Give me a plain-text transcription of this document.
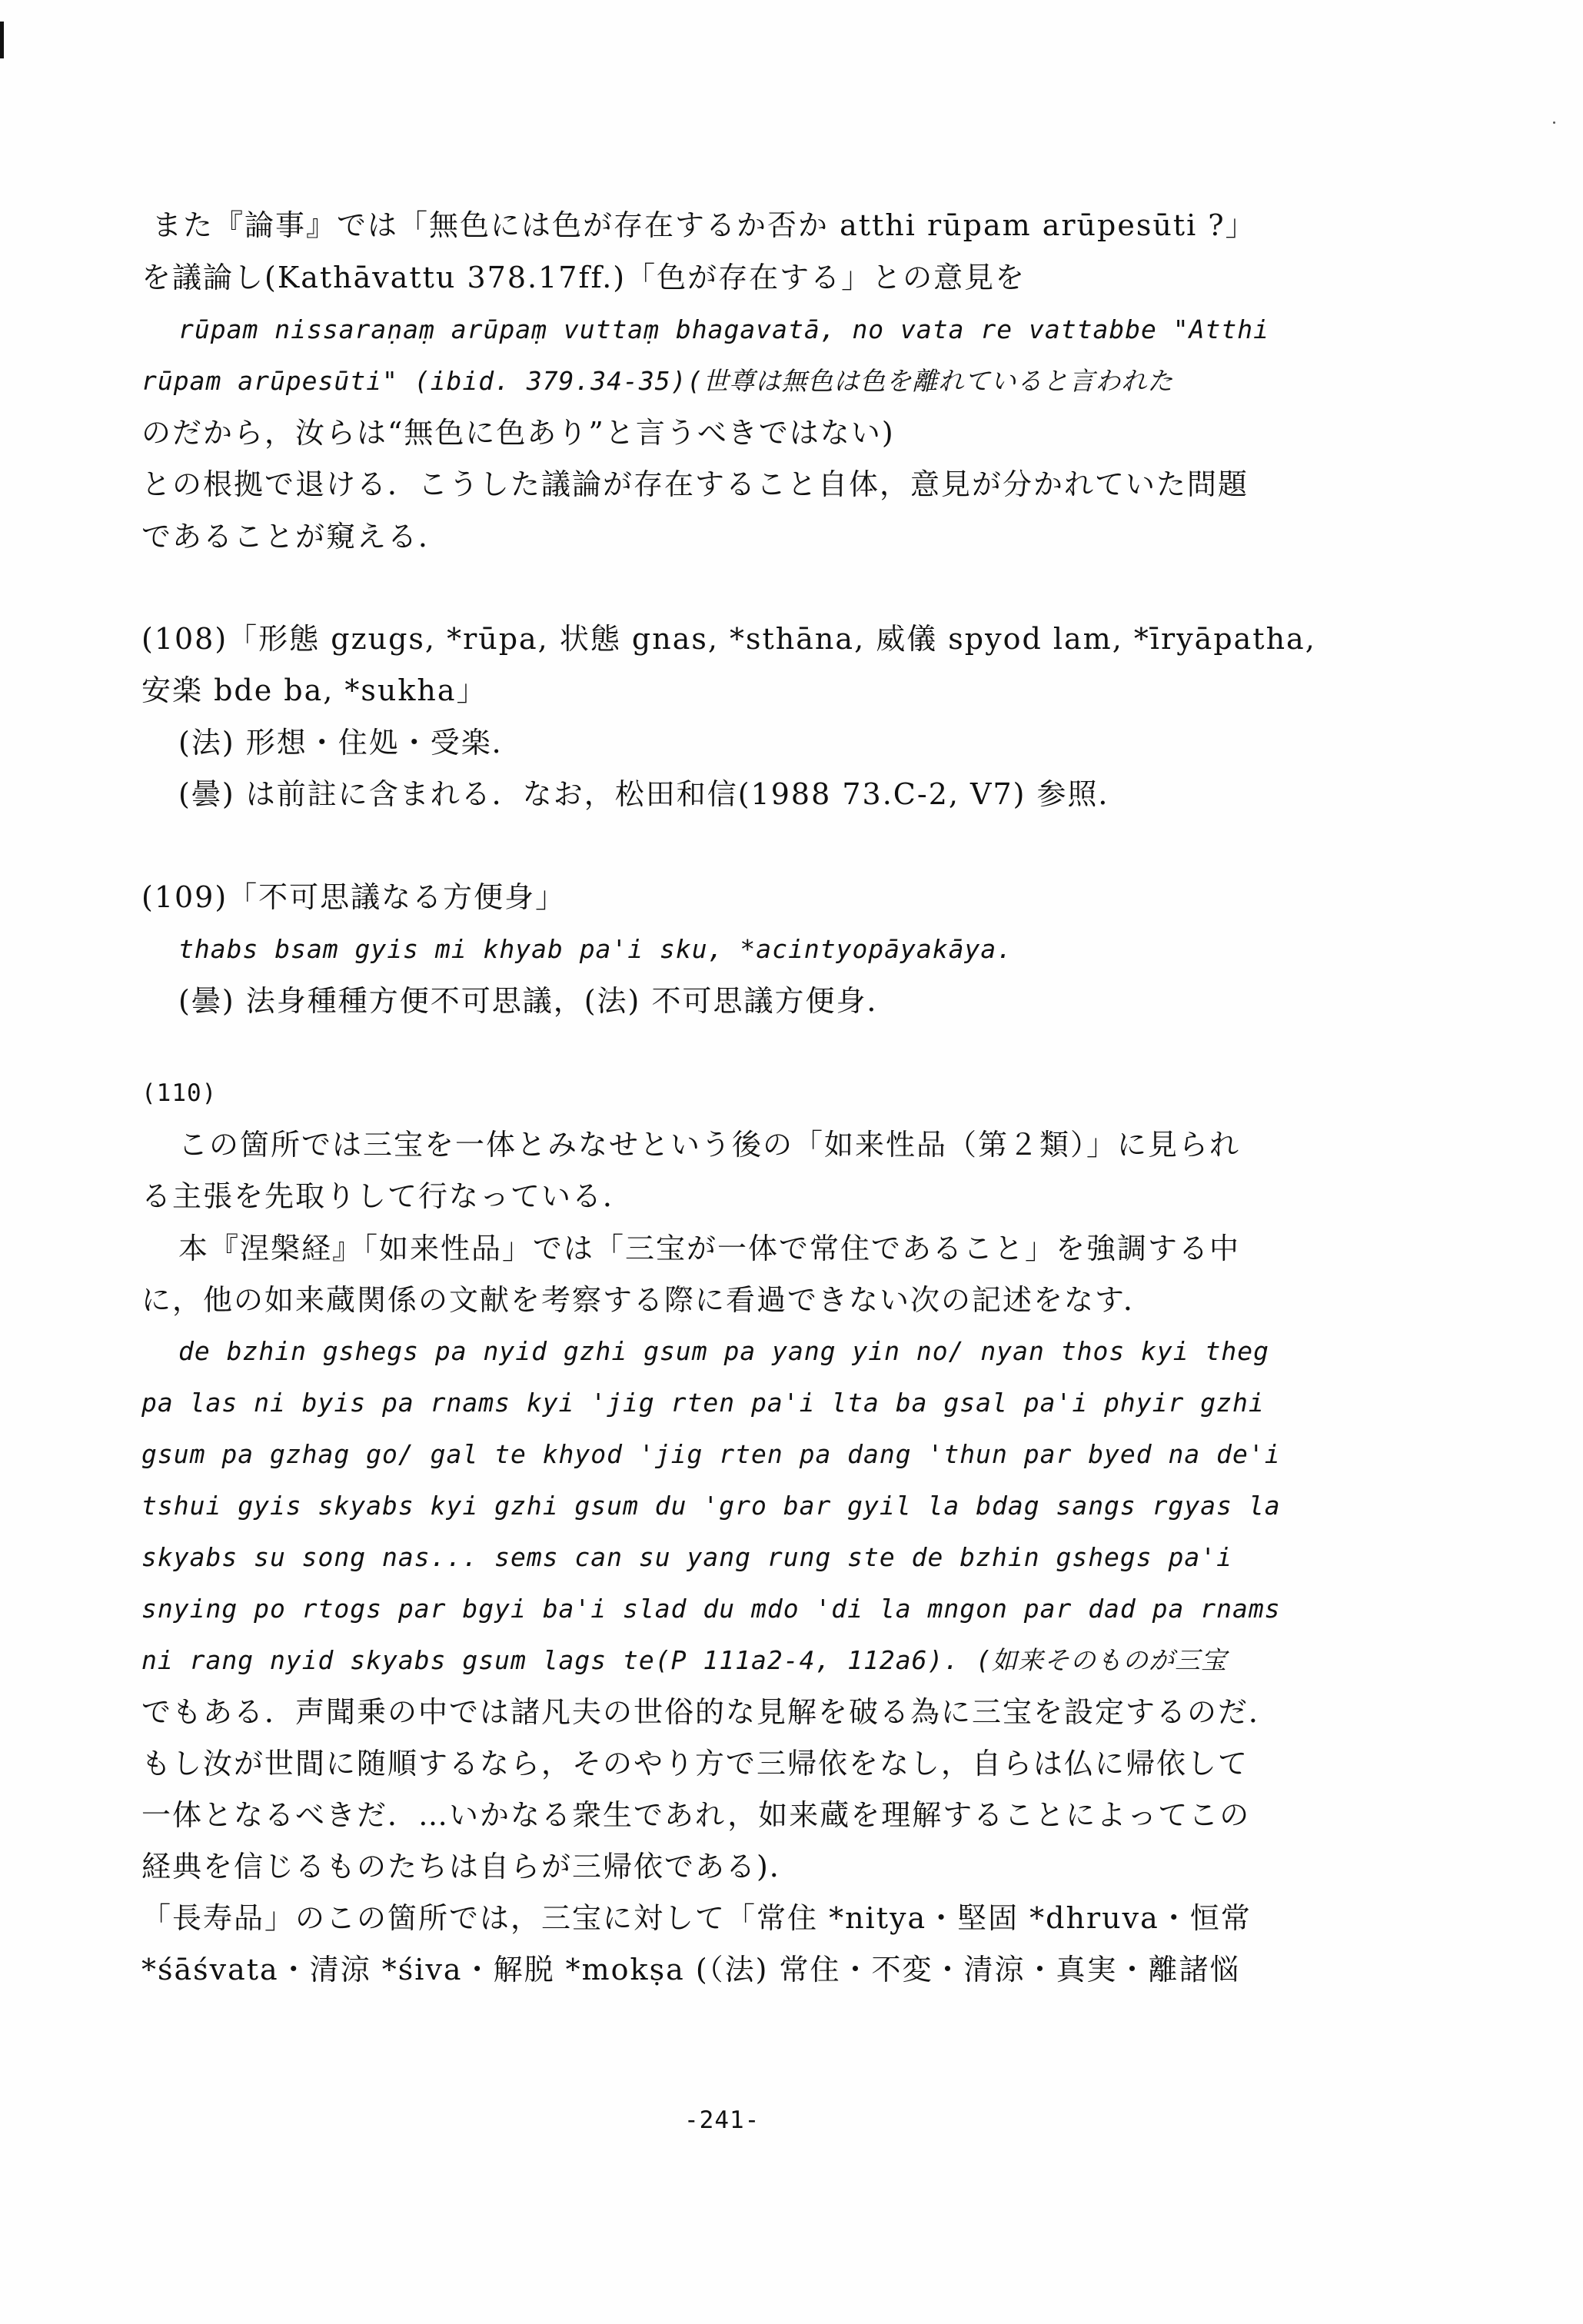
また『論事』では「無色には色が存在するか否か atthi rūpam arūpesūti ?」
を議論し(Kathāvattu 378.17ff.)「色が存在する」との意見を
rūpam nissaraṇaṃ arūpaṃ vuttaṃ bhagavatā, no vata re vattabbe "Atthi
rūpam arūpesūti" (ibid. 379.34-35)(世尊は無色は色を離れていると言われた
のだから，汝らは“無色に色あり”と言うべきではない)
との根拠で退ける．こうした議論が存在すること自体，意見が分かれていた問題
であることが窺える．
(108)「形態 gzugs, *rūpa, 状態 gnas, *sthāna, 威儀 spyod lam, *īryāpatha,
安楽 bde ba, *sukha」
(法) 形想・住処・受楽．
(曇) は前註に含まれる．なお，松田和信(1988 73.C-2, V7) 参照．
(109)「不可思議なる方便身」
thabs bsam gyis mi khyab pa'i sku, *acintyopāyakāya.
(曇) 法身種種方便不可思議，(法) 不可思議方便身．
(110)
この箇所では三宝を一体とみなせという後の「如来性品（第２類）」に見られ
る主張を先取りして行なっている．
本『涅槃経』「如来性品」では「三宝が一体で常住であること」を強調する中
に，他の如来蔵関係の文献を考察する際に看過できない次の記述をなす．
de bzhin gshegs pa nyid gzhi gsum pa yang yin no/ nyan thos kyi theg
pa las ni byis pa rnams kyi 'jig rten pa'i lta ba gsal pa'i phyir gzhi
gsum pa gzhag go/ gal te khyod 'jig rten pa dang 'thun par byed na de'i
tshui gyis skyabs kyi gzhi gsum du 'gro bar gyil la bdag sangs rgyas la
skyabs su song nas... sems can su yang rung ste de bzhin gshegs pa'i
snying po rtogs par bgyi ba'i slad du mdo 'di la mngon par dad pa rnams
ni rang nyid skyabs gsum lags te(P 111a2-4, 112a6). (如来そのものが三宝
でもある．声聞乗の中では諸凡夫の世俗的な見解を破る為に三宝を設定するのだ．
もし汝が世間に随順するなら，そのやり方で三帰依をなし，自らは仏に帰依して
一体となるべきだ．…いかなる衆生であれ，如来蔵を理解することによってこの
経典を信じるものたちは自らが三帰依である)．
「長寿品」のこの箇所では，三宝に対して「常住 *nitya・堅固 *dhruva・恒常
*śāśvata・清涼 *śiva・解脱 *mokṣa (（法) 常住・不変・清涼・真実・離諸悩
-241-
